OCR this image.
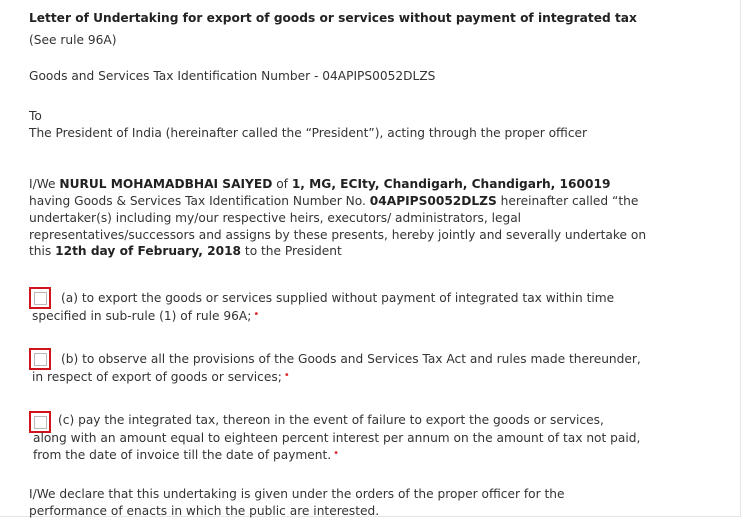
Letter of Undertaking for export of goods or services without payment of integrated tax
(See rule 96A)
Goods and Services Tax Identification Number - 04APIPS0052DLZS
To
The President of India (hereinafter called the “President”), acting through the proper officer
I/We NURUL MOHAMADBHAI SAIYED of 1, MG, ECIty, Chandigarh, Chandigarh, 160019
having Goods & Services Tax Identification Number No. 04APIPS0052DLZS hereinafter called “the
undertaker(s) including my/our respective heirs, executors/ administrators, legal
representatives/successors and assigns by these presents, hereby jointly and severally undertake on
this 12th day of February, 2018 to the President
(a) to export the goods or services supplied without payment of integrated tax within time
specified in sub-rule (1) of rule 96A; •
(b) to observe all the provisions of the Goods and Services Tax Act and rules made thereunder,
in respect of export of goods or services; •
(c) pay the integrated tax, thereon in the event of failure to export the goods or services,
along with an amount equal to eighteen percent interest per annum on the amount of tax not paid,
from the date of invoice till the date of payment. •
I/We declare that this undertaking is given under the orders of the proper officer for the
performance of enacts in which the public are interested.
